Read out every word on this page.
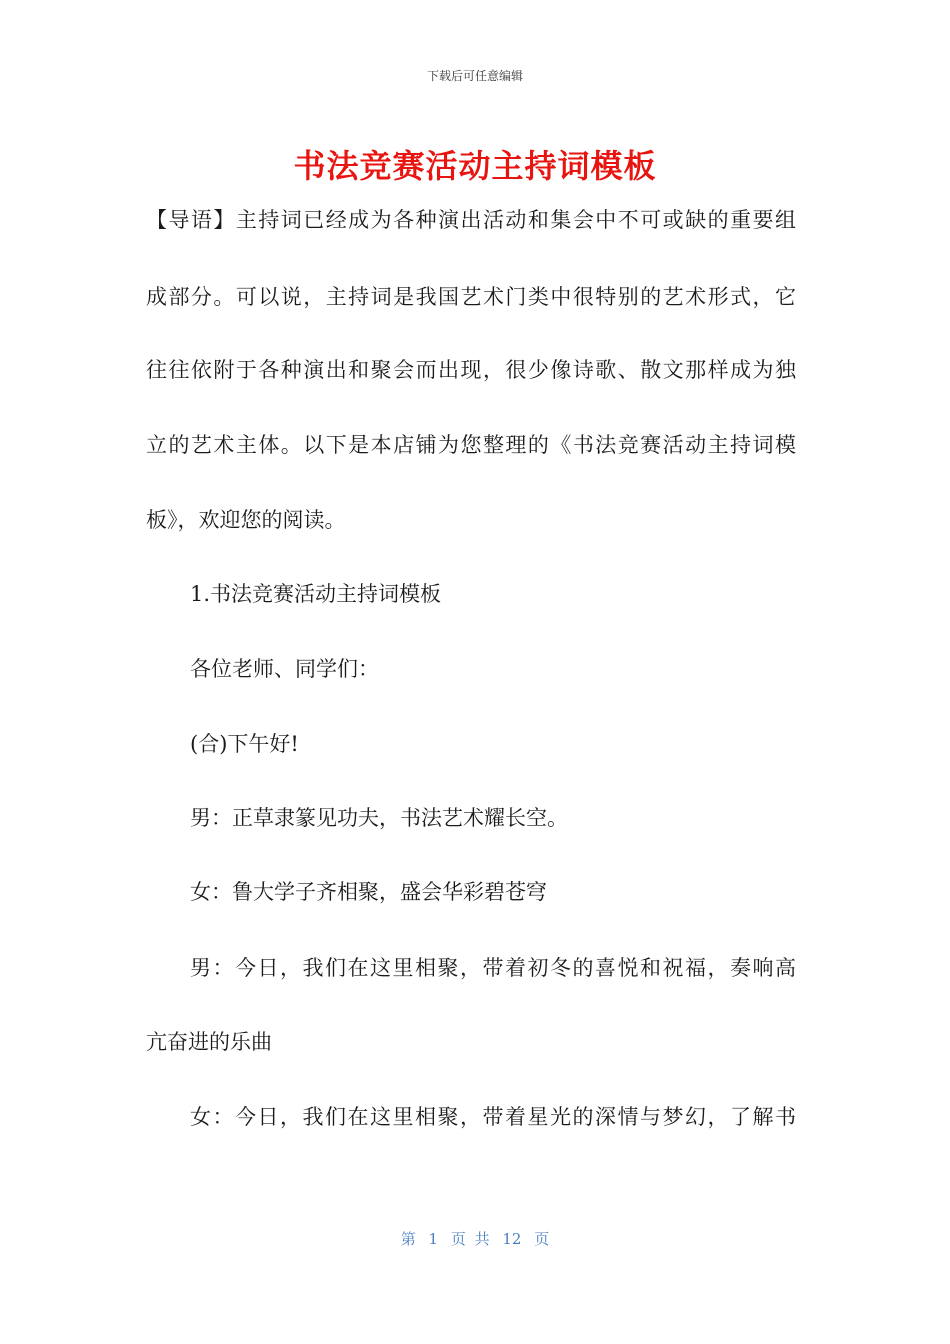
下载后可任意编辑
书法竞赛活动主持词模板
【导语】主持词已经成为各种演出活动和集会中不可或缺的重要组
成部分。可以说，主持词是我国艺术门类中很特别的艺术形式，它
往往依附于各种演出和聚会而出现，很少像诗歌、散文那样成为独
立的艺术主体。以下是本店铺为您整理的《书法竞赛活动主持词模
板》，欢迎您的阅读。
1.书法竞赛活动主持词模板
各位老师、同学们：
(合)下午好!
男：正草隶篆见功夫，书法艺术耀长空。
女：鲁大学子齐相聚，盛会华彩碧苍穹
男：今日，我们在这里相聚，带着初冬的喜悦和祝福，奏响高
亢奋进的乐曲
女：今日，我们在这里相聚，带着星光的深情与梦幻，了解书
第 1 页 共 12 页
